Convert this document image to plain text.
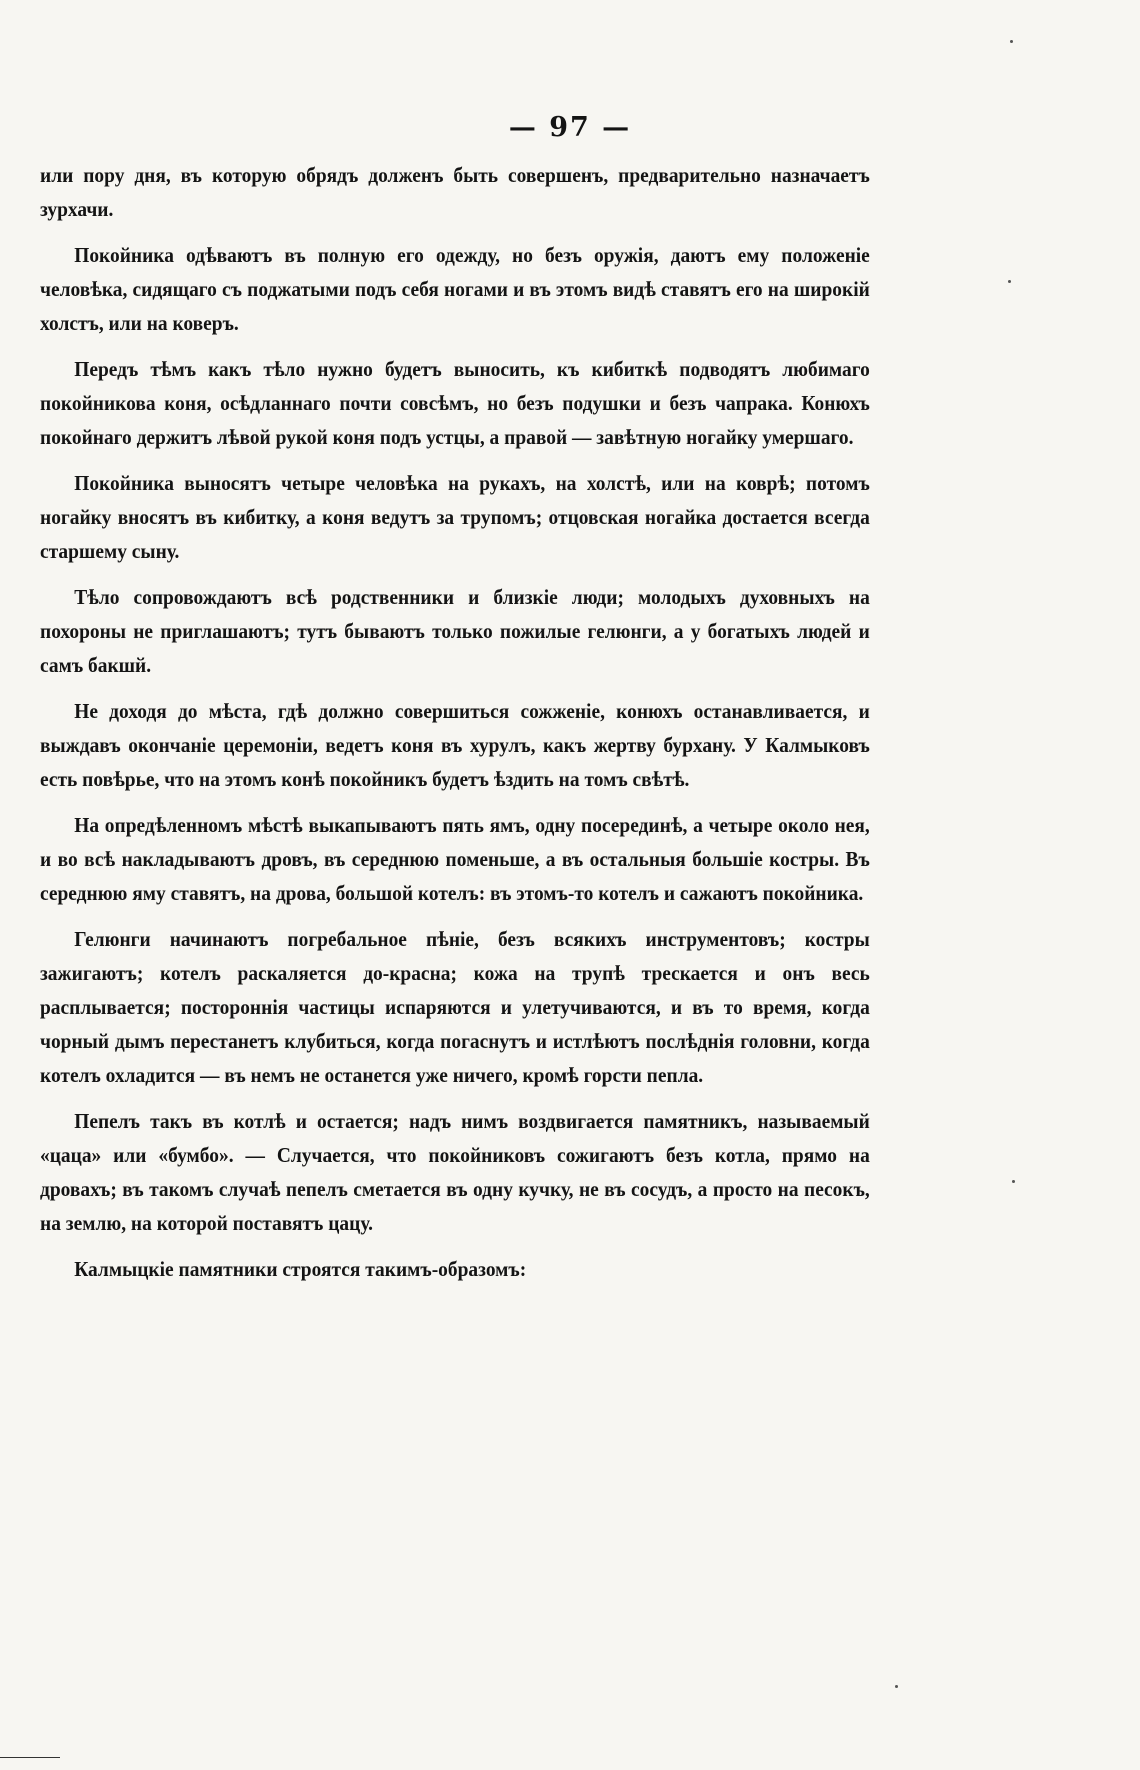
— 97 —

или пору дня, въ которую обрядъ долженъ быть совершенъ, предварительно назначаетъ зурхачи.

Покойника одѣваютъ въ полную его одежду, но безъ оружія, даютъ ему положеніе человѣка, сидящаго съ поджатыми подъ себя ногами и въ этомъ видѣ ставятъ его на широкій холстъ, или на коверъ.

Передъ тѣмъ какъ тѣло нужно будетъ выносить, къ кибиткѣ подводятъ любимаго покойникова коня, осѣдланнаго почти совсѣмъ, но безъ подушки и безъ чапрака. Конюхъ покойнаго держитъ лѣвой рукой коня подъ устцы, а правой — завѣтную ногайку умершаго.

Покойника выносятъ четыре человѣка на рукахъ, на холстѣ, или на коврѣ; потомъ ногайку вносятъ въ кибитку, а коня ведутъ за трупомъ; отцовская ногайка достается всегда старшему сыну.

Тѣло сопровождаютъ всѣ родственники и близкіе люди; молодыхъ духовныхъ на похороны не приглашаютъ; тутъ бываютъ только пожилые гелюнги, а у богатыхъ людей и самъ бакшй.

Не доходя до мѣста, гдѣ должно совершиться сожженіе, конюхъ останавливается, и выждавъ окончаніе церемоніи, ведетъ коня въ хурулъ, какъ жертву бурхану. У Калмыковъ есть повѣрье, что на этомъ конѣ покойникъ будетъ ѣздить на томъ свѣтѣ.

На опредѣленномъ мѣстѣ выкапываютъ пять ямъ, одну посерединѣ, а четыре около нея, и во всѣ накладываютъ дровъ, въ середнюю поменьше, а въ остальныя большіе костры. Въ середнюю яму ставятъ, на дрова, большой котелъ: въ этомъ-то котелъ и сажаютъ покойника.

Гелюнги начинаютъ погребальное пѣніе, безъ всякихъ инструментовъ; костры зажигаютъ; котелъ раскаляется до-красна; кожа на трупѣ трескается и онъ весь расплывается; постороннія частицы испаряются и улетучиваются, и въ то время, когда чорный дымъ перестанетъ клубиться, когда погаснутъ и истлѣютъ послѣднія головни, когда котелъ охладится — въ немъ не останется уже ничего, кромѣ горсти пепла.

Пепелъ такъ въ котлѣ и остается; надъ нимъ воздвигается памятникъ, называемый «цаца» или «бумбо». — Случается, что покойниковъ сожигаютъ безъ котла, прямо на дровахъ; въ такомъ случаѣ пепелъ сметается въ одну кучку, не въ сосудъ, а просто на песокъ, на землю, на которой поставятъ цацу.

Калмыцкіе памятники строятся такимъ-образомъ:
